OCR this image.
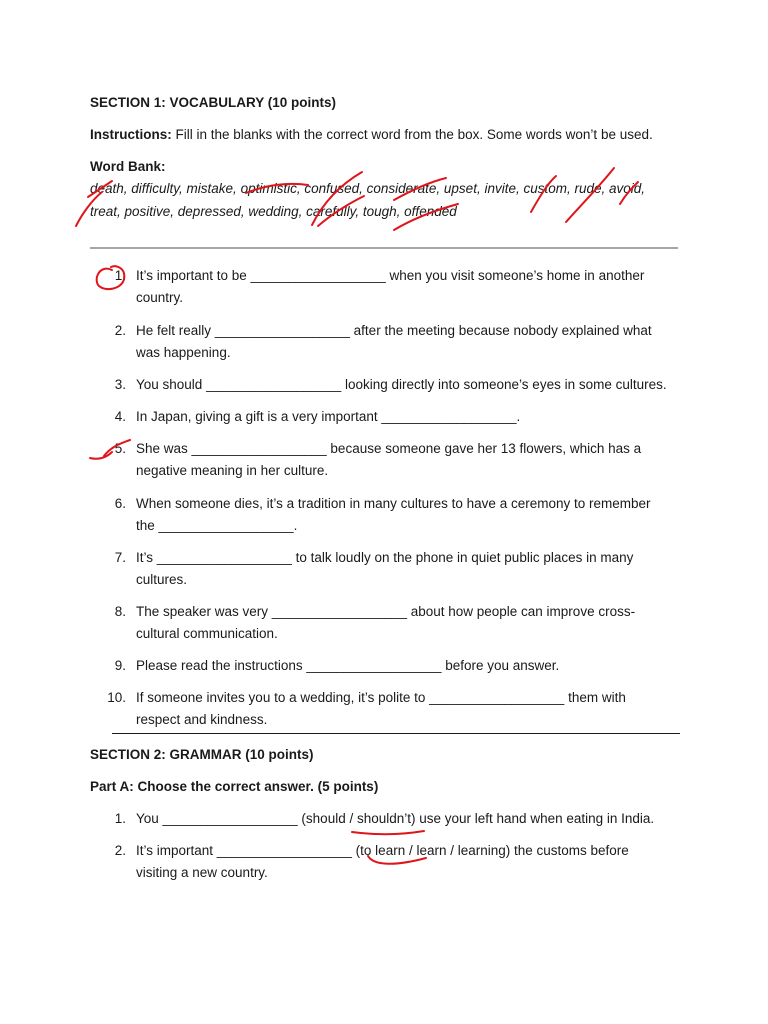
SECTION 1: VOCABULARY (10 points)
Instructions: Fill in the blanks with the correct word from the box. Some words won’t be used.
Word Bank:
death, difficulty, mistake, optimistic, confused, considerate, upset, invite, custom, rude, avoid,
treat, positive, depressed, wedding, carefully, tough, offended
1. It’s important to be __________________ when you visit someone’s home in another
country.
2. He felt really __________________ after the meeting because nobody explained what
was happening.
3. You should __________________ looking directly into someone’s eyes in some cultures.
4. In Japan, giving a gift is a very important __________________.
5. She was __________________ because someone gave her 13 flowers, which has a
negative meaning in her culture.
6. When someone dies, it’s a tradition in many cultures to have a ceremony to remember
the __________________.
7. It’s __________________ to talk loudly on the phone in quiet public places in many
cultures.
8. The speaker was very __________________ about how people can improve cross-
cultural communication.
9. Please read the instructions __________________ before you answer.
10. If someone invites you to a wedding, it’s polite to __________________ them with
respect and kindness.
SECTION 2: GRAMMAR (10 points)
Part A: Choose the correct answer. (5 points)
1. You __________________ (should / shouldn’t) use your left hand when eating in India.
2. It’s important __________________ (to learn / learn / learning) the customs before
visiting a new country.
